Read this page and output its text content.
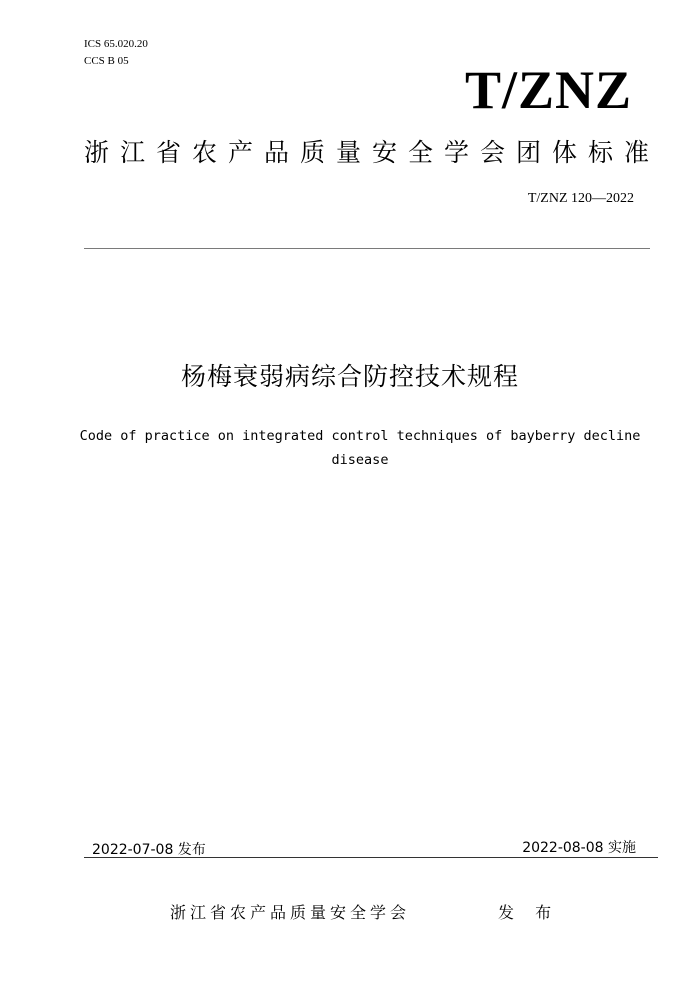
ICS 65.020.20
CCS B 05	T/ZNZ
浙江省农产品质量安全学会团体标准
T/ZNZ 120—2022
杨梅衰弱病综合防控技术规程
Code of practice on integrated control techniques of bayberry decline disease
2022-07-08 发布	2022-08-08 实施
浙江省农产品质量安全学会	发 布
